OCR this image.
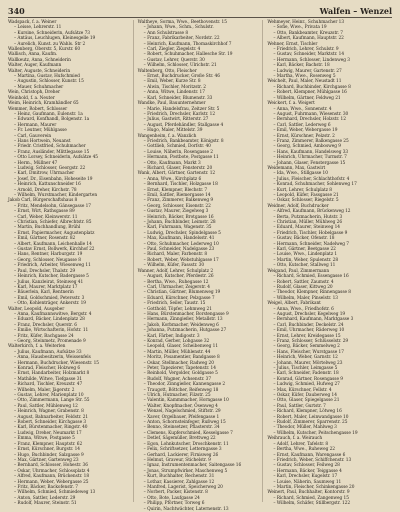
340	Walfen – Wenzel
Wadspack, f. a. Weiner
– Leisse, Lehrerstr. 11
– Kursine, Schneiderin, Aufsätze 73
– Antäus, Leuchlugen, Kleinesgelle 19
– Aurelich, Kunst. zu Wahls. Str 2
Wallenberg, Oberstr. 5, Kurstr. 60
Wallisch, Anna, Kaufm.
Wallkeutz, Anna, Schneiderin
Walter, Auger, Kaufmann
Walter, Auguste, Schneiderin
– Martina, Gustav, Hufschmied
– Augustin, Schlosser, Kunstr. 15
– Mauer, Schuhmacher
Wein, Christoph, Dreher
Weinhold, f. a. Neuter
Weim, Heinrich, Kramhändler 65
Wemmer, Robert, Schlosser
– Heinz, Gaufmann, Eulenstr. 1a
– Edward, Konfhandl, Bolgenstr. 1a
– Hermann, Maurer
– Fr. Leutner, Mühlgasse
– Carl, Gauverein
– Hans Hortwein, Neuanst
– Friedr. Cristfried, Schuhmacher
– Franz, Ausländer, Mlittlegasse 15
– Otto Lorsey, Schneiderin, Aufsätze 45
– Herm., Müllner 47
– Ludwig, Schlosser, Georgstr. 22
– Karl, Dmitrow, Uhrmacher
– Josef, Dr., Eisenbahn, Hoheseite 19
– Heinrich, Kattunschneider 16
– Arnold, Dreher, Kirchstr. 78
– Wilhelm, Wurstmacher, Kindergarten
Jakob Carl, Bürgerschaftshaus 8
– Fritz, Mendelsohn, Gänsegasse 17
– Ernst, Wirt, Rathsgasse 89
– Carl, Weber, Kleinwerstr. 11
– Christian, Schiefer, Albrechtstr. 85
– Martin, Buchhandlung, Brühl
– Ernst, Papiermacher, Augustenplatz
– Emil, Gärtner, Rosenstr. 82
– Albert, Kaufmann, Leichenhalle 14
– Gustav Ernst, Bollwerk, Kirchhof 22
– Hans, Rentner, Harburgstr. 19
– Georg, Schlosser, Neugasse 8
– Friedrich, Arbeiter, Wiesenweg 11
– Paul, Drechsler, Thalstr. 29
– Heinrich, Kutscher, Badergasse 5
– Julius, Kanzleirat, Steinweg 41
– Karl, Maurer, Marktplatz 17
– Bäuerlein, Karl, Rentnerin
– Emil, Goldschmied, Petersstr. 3
– Otto, Kohlenträger, Ankerstr. 19
Walter, Leopold, Ausgeber
– Anna, Kaufmannswitwe, Bergstr. 4
– Eduard, Bäcker, Lindenplatz 28
– Franz, Drechsler, Querstr. 6
– Emilie, Wirtschafterin, Hofstr. 11
– Fritz, Küfer, Bachgasse 24
– Georg, Steinmetz, Promenade 9
Walterkirch, f. a. Weiterlen
– Julius, Kaufmann, Aufsätze 33
– Anna, Hausbesitzerin, Weissenfels
– Hermann, Buchdrucker, Wiesenstr. 15
– Konrad, Fleischer, Holzweg 6
– Ernst, Handarbeiter, Holzmarkt 8
– Mathilde, Witwe, Tiefgasse 31
– Richard, Tischler, Kreuzstr. 47
– Wilhelm, Maler, Jägerstr. 2
– Gustav, Lehrer, Marienplatz 10
– Otto, Zimmermann, Lange Str. 55
– Paul, Sattler, Mühlenweg 12
– Heinrich, Wagner, Grabenstr. 8
– August, Bahnarbeiter, Feldstr. 21
– Robert, Schneider, Kirchgasse 3
– Karl, Bürstenmacher, Ringstr. 40
– Ludwig, Dreher, Neumarkt 17
– Emma, Witwe, Postgasse 5
– Franz, Klempner, Hauptstr. 62
– Ernst, Kürschner, Burgstr. 14
– Hugo, Buchbinder, Salzgasse 9
– Max, Gärtner, Gartenweg 23
– Bernhard, Schlosser, Hohestr. 36
– Oskar, Uhrmacher, Schlossplatz 4
– Alfred, Kaufmann, Brückenstr. 18
– Hermann, Weber, Webergasse 25
– Fritz, Bäcker, Backofenstr. 7
– Wilhelm, Schmied, Schmiedeweg 13
– Anton, Sattler, Lederstr. 29
– Rudolf, Maurer, Steinstr. 51
Waltheye, Sorma, Wwe., Beethovenstr. 15
– Johann, Wwe., Schm., Schulstr.
– Ann Schulstrasse 8
– Franz, Fabrikarbeiter, Nordstr. 22
– Heinrich, Kaufmann, Thomaskirchhof 7
– Carl, Ziegler, Ziegelstr. 4
– Robert, Schuhmacher, Hallesche Str. 19
– Gustav, Lehrer, Querstr. 30
– Wilhelm, Schlosser, Ulrichstr. 21
Waltenberg, Otto, Fleischer
– Ernst, Buchdrucker, Große Str. 46
– Emil, Weber, Kurze Str. 8
– Alwin, Tischler, Moritzstr. 2
– Anna, Witwe, Lindenstr. 17
– Karl, Schneider, Blumenstr. 33
Wandke, Paul, Bauunternehmer
– Marie, Handelsfrau, Zeitzer Str. 5
– Friedrich, Drechsler, Karlstr. 12
– Julius, Gastwirt, Ritterstr. 27
– August, Pferdehändler, Stallgasse 4
– Hugo, Maler, Mittelstr. 39
Wangenheim, f. a. Wanzlich
– Friedrich, Bankbeamter, Königstr. 8
– Gottlieb, Schmied, Dorfstr. 40
– Louise, Näherin, Rosengasse 2
– Hermann, Postbote, Postgasse 11
– Otto, Kaufmann, Markt 3
– Richard, Glaser, Fensterstr. 20
Wank, Albert, Gärtner, Gartenstr. 12
– Anna, Wwe., Kirchplatz 6
– Bernhard, Tischler, Holzgasse 18
– Ernst, Klempner, Blechstr. 7
– Emil, Sattler, Riemergasse 14
– Franz, Zimmerer, Balkenweg 9
– Georg, Schlosser, Eisenstr. 22
– Gustav, Maurer, Ziegelweg 3
– Heinrich, Bäcker, Brotgasse 16
– Johann, Buchbinder, Leimstr. 28
– Karl, Fuhrmann, Wagenstr. 35
– Ludwig, Drechsler, Spindelgasse 5
– Max, Kaufmann, Handelsstr. 41
– Otto, Schuhmacher, Lederweg 10
– Paul, Schneider, Nadelgasse 23
– Richard, Maler, Farbenstr. 8
– Robert, Weber, Webstuhlgasse 17
– Wilhelm, Küfer, Fassstr. 30
Wanner, Adolf, Lehrer, Schulplatz 2
– August, Kutscher, Pferdestr. 26
– Bertha, Wwe., Ruhegasse 12
– Carl, Uhrmacher, Zeigerstr. 4
– Christian, Gärtner, Blumenweg 19
– Eduard, Kürschner, Pelzgasse 7
– Friedrich, Seiler, Taustr. 15
– Gotthold, Töpfer, Lehmweg 21
– Hans, Bürstenmacher, Borstengasse 9
– Hermann, Zinngießer, Metallstr. 13
– Jakob, Korbmacher, Weidenweg 6
– Johanna, Putzmacherin, Hutgasse 27
– Karl, Färber, Indigostr. 3
– Konrad, Gerber, Lohgasse 32
– Leopold, Glaser, Scheibenweg 11
– Martin, Müller, Mühlenstr. 44
– Moritz, Posamentier, Bandgasse 8
– Oskar, Stellmacher, Radweg 20
– Peter, Tapezierer, Tapetenstr. 14
– Reinhold, Vergolder, Goldgasse 5
– Rudolf, Wagner, Achsenstr. 37
– Theodor, Zinngießer, Kannengasse 2
– Traugott, Böttcher, Reifenweg 18
– Ulrich, Hutmacher, Filzstr. 25
– Valentin, Kammmacher, Horngasse 10
– Walter, Knopfmacher, Ösenweg 4
– Wenzel, Nagelschmied, Stiftstr. 29
– Xaver, Orgelbauer, Pfeifengasse 1
– Anton, Schornsteinfeger, Rußweg 15
– Benno, Steinsetzer, Pflasterstr. 34
– Clemens, Kupferschmied, Kesselgasse 7
– Detlef, Sägemüller, Brettweg 22
– Egon, Lohnkutscher, Droschkenstr. 11
– Felix, Schriftsetzer, Letterngasse 3
– Gerhard, Lackierer, Firnisweg 26
– Helmut, Graveur, Stichelstr. 9
– Ignaz, Instrumentenmacher, Saitengasse 16
– Jonas, Strumpfwirker, Maschenweg 5
– Kurt, Buchhalter, Rechenstr. 31
– Lothar, Kassierer, Zahlgasse 12
– Manfred, Lagerist, Speicherweg 20
– Norbert, Packer, Kistenstr. 8
– Otto, Bote, Laufgasse 24
– Philipp, Pförtner, Torweg 6
– Quirin, Nachtwächter, Laternenstr. 13
Wehmeyer, Heinr., Schuhmacher 13
– Sofie, Wwe., Privata 19
– Otto, Bankbeamter, Kreuzstr. 7
– Albert, Kaufmann, Hauptstr. 22
Wehner, Ernst, Tischler
– Friedrich, Lehrer, Schulstr. 9
– Gustav, Schneider, Marktstr. 14
– Hermann, Schlosser, Lindenweg 3
– Karl, Bäcker, Bachstr. 18
– Ludwig, Maurer, Gartenstr. 27
– Martha, Wwe., Rosenweg 5
Weichelt, Paul, Maler, Neustadt 11
– Richard, Buchbinder, Kirchgasse 8
– Robert, Klempner, Mühlgasse 16
– Wilhelm, Gärtner, Feldweg 21
Weickert, f. a. Weigert
– Anna, Wwe., Sonnenstr. 4
– August, Fuhrmann, Wiesenstr. 30
– Bernhard, Drechsler, Holzstr. 12
– Carl, Sattler, Lederweg 6
– Emil, Weber, Webergasse 19
– Ernst, Kürschner, Pelzstr. 2
– Franz, Zimmerer, Balkengasse 25
– Georg, Schmied, Ambosweg 9
– Hans, Kaufmann, Handelsweg 33
– Heinrich, Uhrmacher, Turmstr. 7
– Johann, Glaser, Fenstergasse 15
Weidemann, Max, Gastwirt
– Ida, Wwe., Stillgasse 10
– Julius, Fleischer, Schlachthofstr. 4
– Konrad, Schuhmacher, Sohlenweg 17
– Kurt, Lehrer, Schulplatz 8
– Leopold, Küfer, Fassgasse 21
– Oskar, Schlosser, Riegelstr. 5
Weidner, Adolf, Buchdrucker
– Alfred, Kaufmann, Brückenweg 12
– Berta, Putzmacherin, Hutstr. 3
– Christian, Müller, Mühlweg 26
– Eduard, Maurer, Steinweg 14
– Friedrich, Tischler, Hobelgasse 9
– Gustav, Bäcker, Ofenstr. 18
– Hermann, Schneider, Nadelweg 7
– Karl, Gärtner, Beetgasse 22
– Louise, Wwe., Lindenplatz 1
– Martin, Weber, Spulenstr. 28
– Otto, Kutscher, Stallweg 11
Weigand, Paul, Zimmermann
– Richard, Schmied, Essengasse 16
– Robert, Sattler, Zaumstr. 4
– Rudolf, Glaser, Kittweg 20
– Theodor, Klempner, Rinnengasse 8
– Wilhelm, Maler, Pinselstr. 13
Weigel, Albert, Fabrikant
– Anna, Wwe., Friedhofstr. 6
– August, Drechsler, Kegelweg 19
– Bernhard, Kaufmann, Marktgasse 3
– Carl, Buchbinder, Deckelstr. 24
– Emil, Uhrmacher, Räderweg 10
– Ernst, Lehrer, Kreidegasse 15
– Franz, Schlosser, Schlüsselstr. 29
– Georg, Bäcker, Semmelweg 2
– Hans, Fleischer, Wurstgasse 17
– Heinrich, Weber, Garnstr. 12
– Johann, Maurer, Mörtelweg 23
– Julius, Tischler, Leimgasse 5
– Karl, Schneider, Fadenstr. 18
– Konrad, Gärtner, Rosengasse 9
– Ludwig, Schmied, Hufweg 27
– Max, Kürschner, Fellstr. 4
– Oskar, Küfer, Dauberweg 14
– Otto, Glaser, Spiegelgasse 21
– Paul, Sattler, Gurtstr. 7
– Richard, Klempner, Lötweg 16
– Robert, Maler, Leinwandgasse 10
– Rudolf, Zimmerer, Sparrenstr. 25
– Theodor, Müller, Mahlweg 3
– Wilhelm, Kutscher, Peitschengasse 19
Weihrauch, f. a. Weirauch
– Adolf, Lehrer, Tafelstr. 8
– Bertha, Wwe., Ruheweg 22
– Ernst, Kaufmann, Warengasse 6
– Friedrich, Weber, Schiffchenstr. 13
– Gustav, Schlosser, Feilweg 28
– Hermann, Bäcker, Teiggasse 4
– Karl, Drechsler, Kugelstr. 17
– Louise, Näherin, Saumweg 11
– Martin, Fleischer, Schinkengasse 20
Weinert, Paul, Buchhalter, Kontorstr. 9
– Richard, Schmied, Zangenweg 15
– Wilhelm, Schäfer, Stillbergstr. 122
